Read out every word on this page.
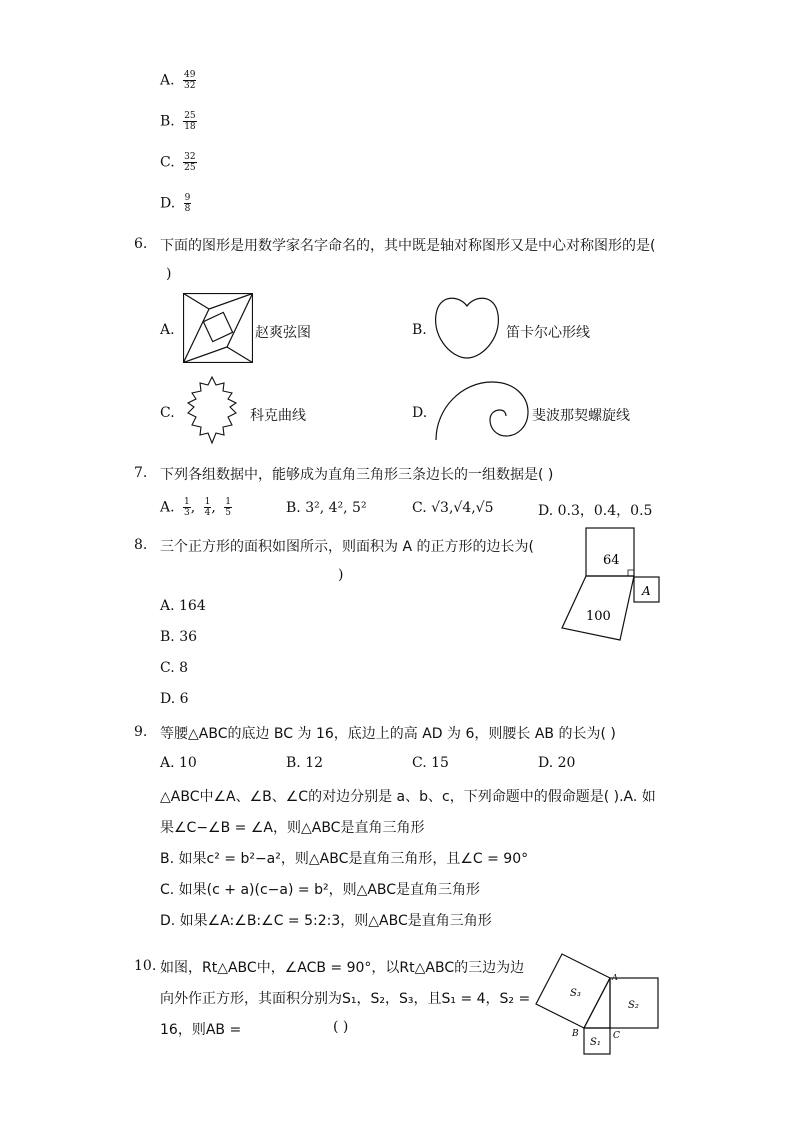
A. $\frac{49}{32}$
B. $\frac{25}{18}$
C. $\frac{32}{25}$
D. $\frac{9}{8}$
6. 下面的图形是用数学家名字命名的，其中既是轴对称图形又是中心对称图形的是(
)
A.	赵爽弦图	B.	笛卡尔心形线
C.	科克曲线	D.	斐波那契螺旋线
7. 下列各组数据中，能够成为直角三角形三条边长的一组数据是( )
A. $\frac{1}{3}$ , $\frac{1}{4}$ , $\frac{1}{5}$	B. 3², 4², 5²	C. √3,√4,√5	D. 0.3，0.4，0.5
8. 三个正方形的面积如图所示，则面积为 A 的正方形的边长为(
)
A. 164
B. 36
C. 8
D. 6
64
100
A
9. 等腰△ABC的底边 BC 为 16，底边上的高 AD 为 6，则腰长 AB 的长为( )
A. 10	B. 12	C. 15	D. 20
△ABC中∠A、∠B、∠C的对边分别是 a、b、c，下列命题中的假命题是( ).A. 如
果∠C−∠B = ∠A，则△ABC是直角三角形
B. 如果c² = b²−a²，则△ABC是直角三角形，且∠C = 90°
C. 如果(c + a)(c−a) = b²，则△ABC是直角三角形
D. 如果∠A:∠B:∠C = 5:2:3，则△ABC是直角三角形
10. 如图，Rt△ABC中，∠ACB = 90°，以Rt△ABC的三边为边
向外作正方形，其面积分别为S₁，S₂，S₃，且S₁ = 4，S₂ =
16，则AB =	( )
S₃
S₂
S₁
A
B	C
